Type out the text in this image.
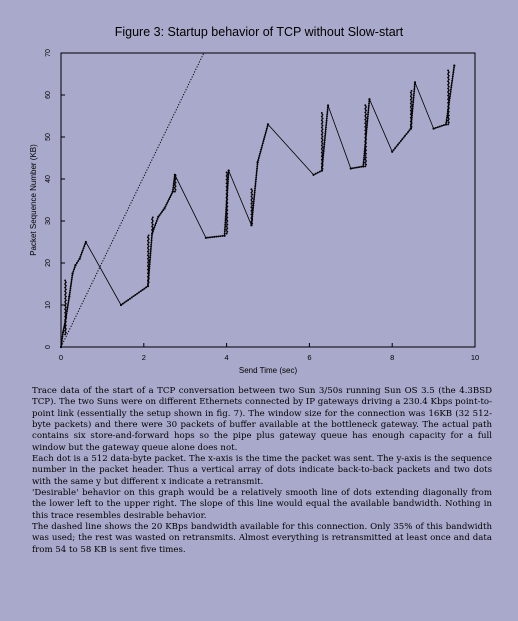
Figure 3: Startup behavior of TCP without Slow-start
Send Time (sec)
Packet Sequence Number (KB)
0	2	4	6	8	10
0
10
20
30
40
50
60
70

Trace data of the start of a TCP conversation between two Sun 3/50s running Sun OS 3.5 (the 4.3BSD TCP). The two Suns were on different Ethernets connected by IP gateways driving a 230.4 Kbps point-to-point link (essentially the setup shown in fig. 7). The window size for the connection was 16KB (32 512-byte packets) and there were 30 packets of buffer available at the bottleneck gateway. The actual path contains six store-and-forward hops so the pipe plus gateway queue has enough capacity for a full window but the gateway queue alone does not.

Each dot is a 512 data-byte packet. The x-axis is the time the packet was sent. The y-axis is the sequence number in the packet header. Thus a vertical array of dots indicate back-to-back packets and two dots with the same y but different x indicate a retransmit.

'Desirable' behavior on this graph would be a relatively smooth line of dots extending diagonally from the lower left to the upper right. The slope of this line would equal the available bandwidth. Nothing in this trace resembles desirable behavior.

The dashed line shows the 20 KBps bandwidth available for this connection. Only 35% of this bandwidth was used; the rest was wasted on retransmits. Almost everything is retransmitted at least once and data from 54 to 58 KB is sent five times.
